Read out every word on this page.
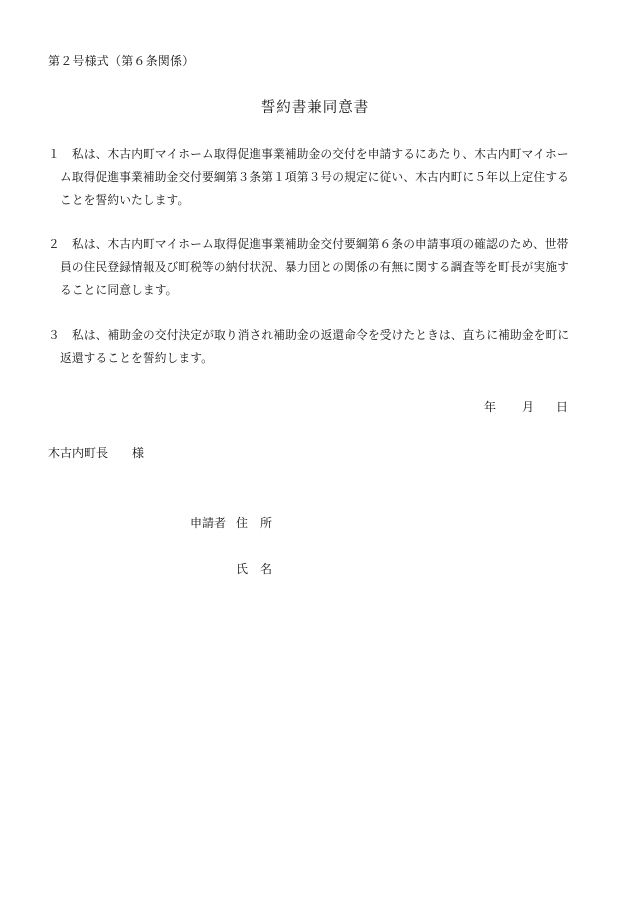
第２号様式（第６条関係）
誓約書兼同意書
１	私は、木古内町マイホーム取得促進事業補助金の交付を申請するにあたり、木古内町マイホーム取得促進事業補助金交付要綱第３条第１項第３号の規定に従い、木古内町に５年以上定住することを誓約いたします。
２	私は、木古内町マイホーム取得促進事業補助金交付要綱第６条の申請事項の確認のため、世帯員の住民登録情報及び町税等の納付状況、暴力団との関係の有無に関する調査等を町長が実施することに同意します。
３	私は、補助金の交付決定が取り消され補助金の返還命令を受けたときは、直ちに補助金を町に返還することを誓約します。
年 月 日
木古内町長　　様
申請者 住　所
氏　名
